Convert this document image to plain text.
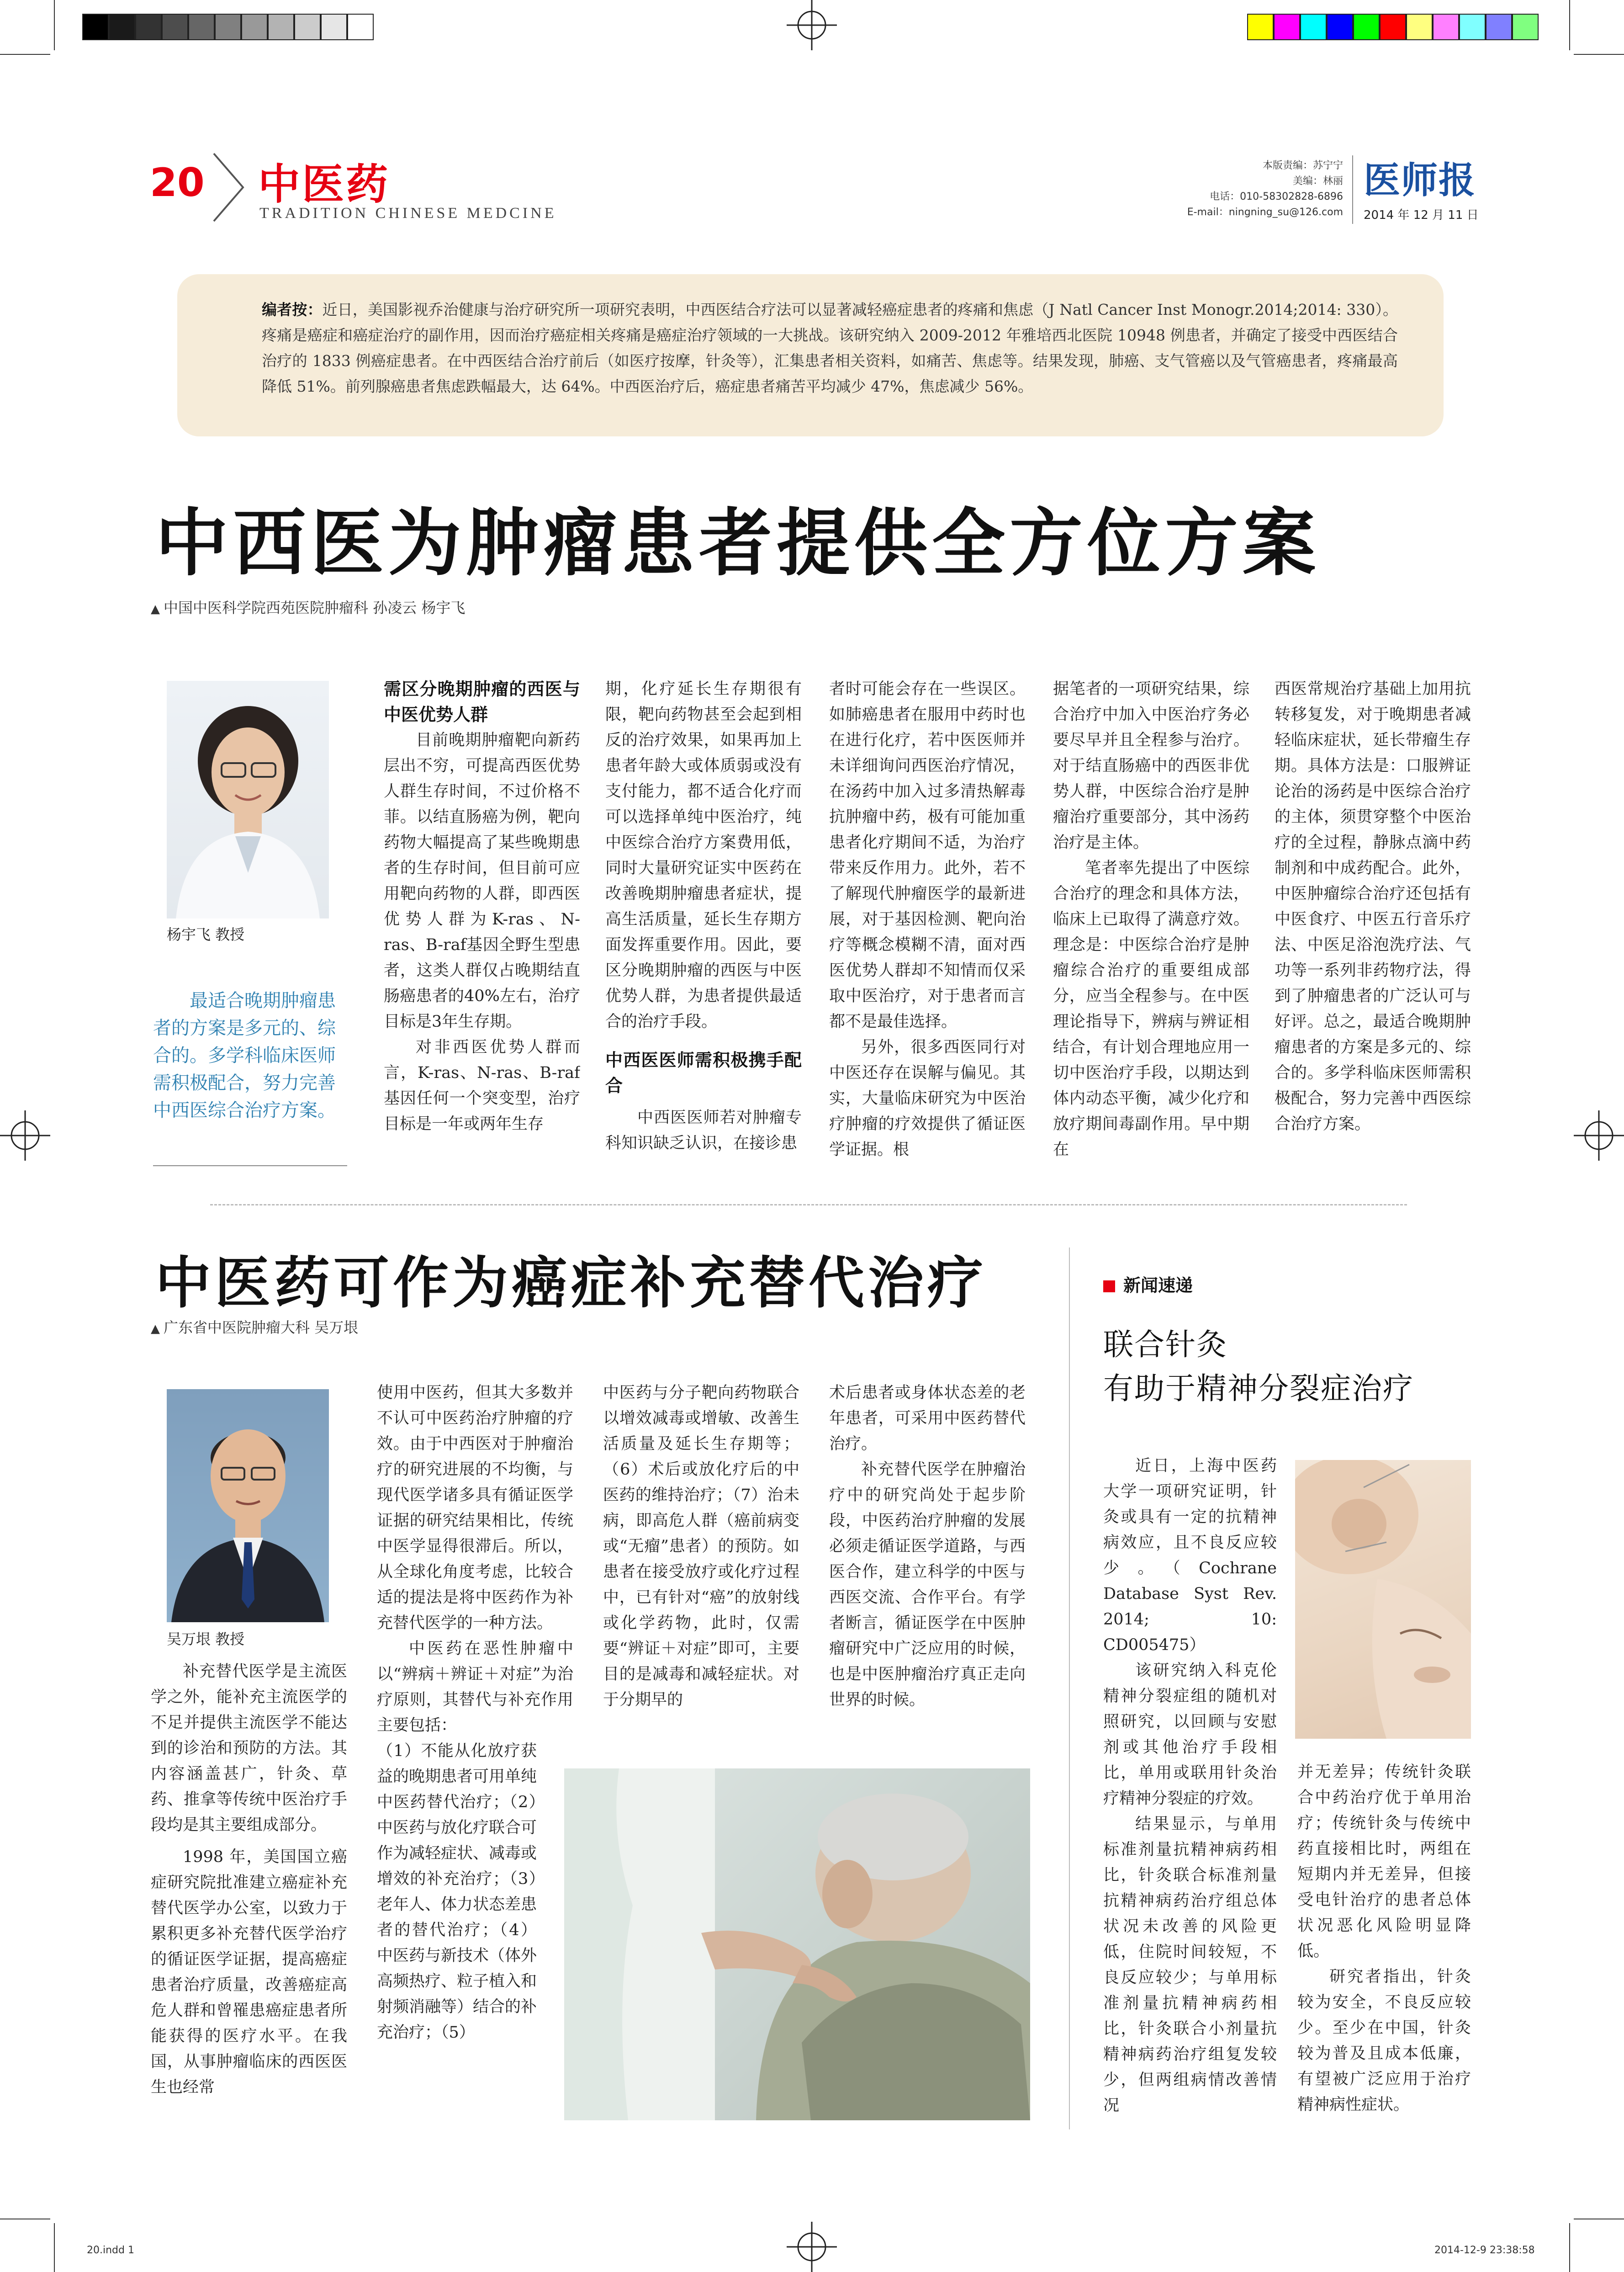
20 中医药
TRADITION CHINESE MEDCINE
本版责编：苏宁宁
美编：林丽
电话：010-58302828-6896
E-mail：ningning_su@126.com
医师报
2014 年 12 月 11 日
编者按：近日，美国影视乔治健康与治疗研究所一项研究表明，中西医结合疗法可以显著减轻癌症患者的疼痛和焦虑（J Natl Cancer Inst Monogr.2014;2014: 330）。疼痛是癌症和癌症治疗的副作用，因而治疗癌症相关疼痛是癌症治疗领域的一大挑战。该研究纳入 2009-2012 年雅培西北医院 10948 例患者，并确定了接受中西医结合治疗的 1833 例癌症患者。在中西医结合治疗前后（如医疗按摩，针灸等），汇集患者相关资料，如痛苦、焦虑等。结果发现，肺癌、支气管癌以及气管癌患者，疼痛最高降低 51%。前列腺癌患者焦虑跌幅最大，达 64%。中西医治疗后，癌症患者痛苦平均减少 47%，焦虑减少 56%。
中西医为肿瘤患者提供全方位方案
▲ 中国中医科学院西苑医院肿瘤科 孙凌云 杨宇飞
杨宇飞 教授
最适合晚期肿瘤患者的方案是多元的、综合的。多学科临床医师需积极配合，努力完善中西医综合治疗方案。

需区分晚期肿瘤的西医与中医优势人群

目前晚期肿瘤靶向新药层出不穷，可提高西医优势人群生存时间，不过价格不菲。以结直肠癌为例，靶向药物大幅提高了某些晚期患者的生存时间，但目前可应用靶向药物的人群，即西医优势人群为K-ras、N-ras、B-raf基因全野生型患者，这类人群仅占晚期结直肠癌患者的40%左右，治疗目标是3年生存期。

对非西医优势人群而言，K-ras、N-ras、B-raf基因任何一个突变型，治疗目标是一年或两年生存

期，化疗延长生存期很有限，靶向药物甚至会起到相反的治疗效果，如果再加上患者年龄大或体质弱或没有支付能力，都不适合化疗而可以选择单纯中医治疗，纯中医综合治疗方案费用低，同时大量研究证实中医药在改善晚期肿瘤患者症状，提高生活质量，延长生存期方面发挥重要作用。因此，要区分晚期肿瘤的西医与中医优势人群，为患者提供最适合的治疗手段。

中西医医师需积极携手配合

中西医医师若对肿瘤专科知识缺乏认识，在接诊患

者时可能会存在一些误区。如肺癌患者在服用中药时也在进行化疗，若中医医师并未详细询问西医治疗情况，在汤药中加入过多清热解毒抗肿瘤中药，极有可能加重患者化疗期间不适，为治疗带来反作用力。此外，若不了解现代肿瘤医学的最新进展，对于基因检测、靶向治疗等概念模糊不清，面对西医优势人群却不知情而仅采取中医治疗，对于患者而言都不是最佳选择。

另外，很多西医同行对中医还存在误解与偏见。其实，大量临床研究为中医治疗肿瘤的疗效提供了循证医学证据。根

据笔者的一项研究结果，综合治疗中加入中医治疗务必要尽早并且全程参与治疗。对于结直肠癌中的西医非优势人群，中医综合治疗是肿瘤治疗重要部分，其中汤药治疗是主体。

笔者率先提出了中医综合治疗的理念和具体方法，临床上已取得了满意疗效。理念是：中医综合治疗是肿瘤综合治疗的重要组成部分，应当全程参与。在中医理论指导下，辨病与辨证相结合，有计划合理地应用一切中医治疗手段，以期达到体内动态平衡，减少化疗和放疗期间毒副作用。早中期在

西医常规治疗基础上加用抗转移复发，对于晚期患者减轻临床症状，延长带瘤生存期。具体方法是：口服辨证论治的汤药是中医综合治疗的主体，须贯穿整个中医治疗的全过程，静脉点滴中药制剂和中成药配合。此外，中医肿瘤综合治疗还包括有中医食疗、中医五行音乐疗法、中医足浴泡洗疗法、气功等一系列非药物疗法，得到了肿瘤患者的广泛认可与好评。总之，最适合晚期肿瘤患者的方案是多元的、综合的。多学科临床医师需积极配合，努力完善中西医综合治疗方案。

中医药可作为癌症补充替代治疗
▲ 广东省中医院肿瘤大科 吴万垠
吴万垠 教授

补充替代医学是主流医学之外，能补充主流医学的不足并提供主流医学不能达到的诊治和预防的方法。其内容涵盖甚广，针灸、草药、推拿等传统中医治疗手段均是其主要组成部分。

1998 年，美国国立癌症研究院批准建立癌症补充替代医学办公室，以致力于累积更多补充替代医学治疗的循证医学证据，提高癌症患者治疗质量，改善癌症高危人群和曾罹患癌症患者所能获得的医疗水平。在我国，从事肿瘤临床的西医医生也经常

使用中医药，但其大多数并不认可中医药治疗肿瘤的疗效。由于中西医对于肿瘤治疗的研究进展的不均衡，与现代医学诸多具有循证医学证据的研究结果相比，传统中医学显得很滞后。所以，从全球化角度考虑，比较合适的提法是将中医药作为补充替代医学的一种方法。

中医药在恶性肿瘤中以“辨病＋辨证＋对症”为治疗原则，其替代与补充作用主要包括：

（1）不能从化放疗获益的晚期患者可用单纯中医药替代治疗；（2）中医药与放化疗联合可作为减轻症状、减毒或增效的补充治疗；（3）老年人、体力状态差患者的替代治疗；（4）中医药与新技术（体外高频热疗、粒子植入和射频消融等）结合的补充治疗；（5）

中医药与分子靶向药物联合以增效减毒或增敏、改善生活质量及延长生存期等；（6）术后或放化疗后的中医药的维持治疗；（7）治未病，即高危人群（癌前病变或“无瘤”患者）的预防。如患者在接受放疗或化疗过程中，已有针对“癌”的放射线或化学药物，此时，仅需要“辨证＋对症”即可，主要目的是减毒和减轻症状。对于分期早的

术后患者或身体状态差的老年患者，可采用中医药替代治疗。

补充替代医学在肿瘤治疗中的研究尚处于起步阶段，中医药治疗肿瘤的发展必须走循证医学道路，与西医合作，建立科学的中医与西医交流、合作平台。有学者断言，循证医学在中医肿瘤研究中广泛应用的时候，也是中医肿瘤治疗真正走向世界的时候。

新闻速递
联合针灸
有助于精神分裂症治疗

近日，上海中医药大学一项研究证明，针灸或具有一定的抗精神病效应，且不良反应较少。（Cochrane Database Syst Rev. 2014; 10: CD005475）

该研究纳入科克伦精神分裂症组的随机对照研究，以回顾与安慰剂或其他治疗手段相比，单用或联用针灸治疗精神分裂症的疗效。

结果显示，与单用标准剂量抗精神病药相比，针灸联合标准剂量抗精神病药治疗组总体状况未改善的风险更低，住院时间较短，不良反应较少；与单用标准剂量抗精神病药相比，针灸联合小剂量抗精神病药治疗组复发较少，但两组病情改善情况

并无差异；传统针灸联合中药治疗优于单用治疗；传统针灸与传统中药直接相比时，两组在短期内并无差异，但接受电针治疗的患者总体状况恶化风险明显降低。

研究者指出，针灸较为安全，不良反应较少。至少在中国，针灸较为普及且成本低廉，有望被广泛应用于治疗精神病性症状。

20.indd 1	2014-12-9 23:38:58
